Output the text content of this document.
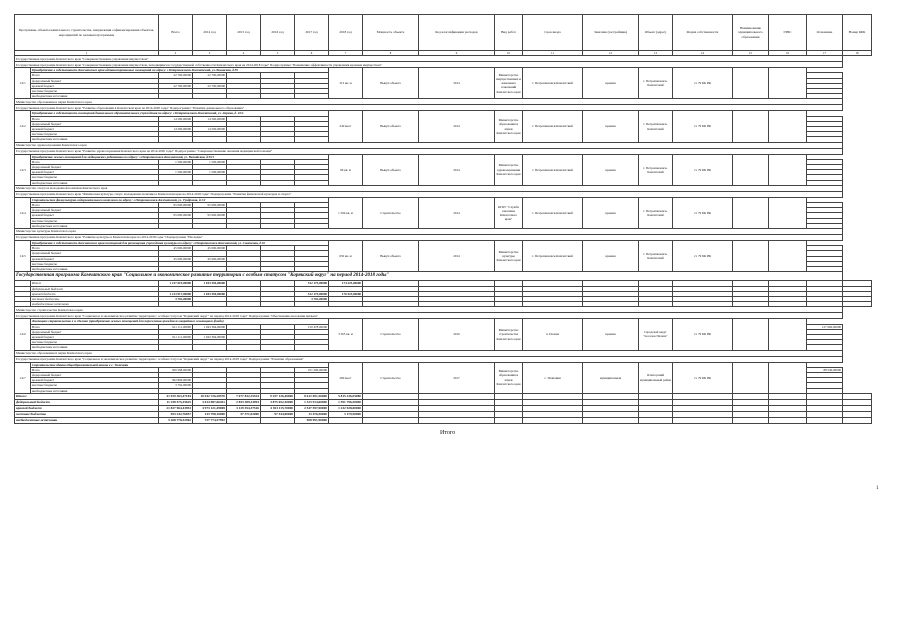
Программы, объекты капитального строительства, направления софинансирования объектов, мероприятий по целевым программам		Всего	2014 год	2015 год	2016 год	2017 год	2018 год	Мощность объекта	Код классификации расходов	Вид работ	Срок ввода	Заказчик (застройщик)	Объект (адрес)	Форма собственности	Наименование муниципального образования	ГРБС	Основание	Номер КБК
1		2	3	4	5	6	7	8	9	10	11	12	13	14	15	16	17	18
Государственная программа Камчатского края "Совершенствование управления имуществом"																		
Государственная программа Камчатского края "Совершенствование управления имуществом, находящимся в государственной собственности Камчатского края на 2014-2018 годы" Подпрограмма "Повышение эффективности управления краевым имуществом"																		
1.9.1	Приобретение в собственность Камчатского края административных помещений по адресу: г.Петропавловск-Камчатский, ул.Ленинская, д.59						312 кв. м	Выкуп объекта	2014	Министерство имущественных и земельных отношений Камчатского края	г. Петропавловск-Камчатский	краевая	г. Петропавловск-Камчатский	ст. 79 БК РФ				
	Всего	22 700,00000	22 700,00000															
	федеральный бюджет																	
	краевой бюджет	22 700,00000	22 700,00000															
	местные бюджеты																	
	внебюджетные источники																	
Министерство образования и науки Камчатского края																		
Государственная программа Камчатского края "Развитие образования в Камчатском крае на 2014-2020 годы" Подпрограмма "Развитие дошкольного образования"																		
1.9.2	Приобретение в собственность помещений дошкольного образовательного учреждения по адресу: г.Петропавловск-Камчатский, ул. Ларина, д. 22/4						240 мест	Выкуп объекта	2014	Министерство образования и науки Камчатского края	г. Петропавловск-Камчатский	краевая	г. Петропавловск-Камчатский	ст. 79 БК РФ				
	Всего	14 500,00000	14 500,00000															
	федеральный бюджет																	
	краевой бюджет	14 500,00000	14 500,00000															
	местные бюджеты																	
	внебюджетные источники																	
Министерство здравоохранения Камчатского края																		
Государственная программа Камчатского края "Развитие здравоохранения Камчатского края на 2014-2020 годы" Подпрограмма "Совершенствование оказания медицинской помощи"																		
1.9.3	Приобретение жилых помещений для медицинских работников по адресу: г.Петропавловск-Камчатский, ул. Вилюйская, д.53/1						96 кв. м	Выкуп объекта	2014	Министерство здравоохранения Камчатского края	г. Петропавловск-Камчатский	краевая	г. Петропавловск-Камчатский	ст. 79 БК РФ				
	Всего	1 500,00000	1 500,00000															
	федеральный бюджет																	
	краевой бюджет	1 500,00000	1 500,00000															
	местные бюджеты																	
	внебюджетные источники																	
Министерство спорта и молодежной политики Камчатского края																		
Государственная программа Камчатского края "Физическая культура, спорт, молодежная политика в Камчатском крае на 2014-2018 годы" Подпрограмма "Развитие физической культуры и спорта"																		
1.9.4	Строительство физкультурно-оздоровительного комплекса по адресу: г.Петропавловск-Камчатский, ул. Тундровая, д.1/2						1 500 кв. м	Строительство	2014	КГКУ "Служба заказчика Камчатского края"	г. Петропавловск-Камчатский	краевая	г. Петропавловск-Камчатский	ст. 79 БК РФ				
	Всего	95 000,00000	95 000,00000															
	федеральный бюджет																	
	краевой бюджет	95 000,00000	95 000,00000															
	местные бюджеты																	
	внебюджетные источники																	
Министерство культуры Камчатского края																		
Государственная программа Камчатского края "Развитие культуры в Камчатском крае на 2014-2018 годы" Подпрограмма "Наследие"																		
1.9.5	Приобретение в собственность Камчатского края помещений для размещения учреждения культуры по адресу: г.Петропавловск-Камчатский, ул. Советская, д.10						650 кв. м	Выкуп объекта	2014	Министерство культуры Камчатского края	г. Петропавловск-Камчатский	краевая	г. Петропавловск-Камчатский	ст. 79 БК РФ				
	Всего	45 000,00000	45 000,00000															
	федеральный бюджет																	
	краевой бюджет	45 000,00000	45 000,00000															
	местные бюджеты																	
	внебюджетные источники																	
Государственная программа Камчатского края "Социальное и экономическое развитие территории с особым статусом "Корякский округ" на период 2014-2018 годы"																		
	Итого	1 217 619,00000	1 043 394,00000			512 175,00000	174 225,00000											
	федеральный бюджет																	
	краевой бюджет	1 213 917,00000	1 043 394,00000			512 175,00000	170 523,00000											
	местные бюджеты	3 702,00000				3 702,00000												
	внебюджетные источники																	
Министерство строительства Камчатского края																		
Государственная программа Камчатского края "Социальное и экономическое развитие территории с особым статусом "Корякский округ" на период 2014-2018 годы" Подпрограмма "Обеспечение населения жильем"																		
1.9.6	Жилищное строительство в п. Палана (приобретение жилых помещений для переселения граждан из аварийного жилищного фонда)						3 565 кв. м	Строительство	2016	Министерство строительства Камчатского края	п. Палана	краевая	Городской округ "поселок Палана"	ст. 79 БК РФ				
	Всего	911 111,00000	1 043 394,00000			150 478,00000											127 060,00000	
	федеральный бюджет																	
	краевой бюджет	911 111,00000	1 043 394,00000															
	местные бюджеты																	
	внебюджетные источники																	
Министерство образования и науки Камчатского края																		
Государственная программа Камчатского края "Социальное и экономическое развитие территории с особым статусом "Корякский округ" на период 2014-2018 годы" Подпрограмма "Развитие образования"																		
1.9.7	Строительство здания общеобразовательной школы в с. Тиличики						280 мест	Строительство	2017	Министерство образования и науки Камчатского края	с. Тиличики	муниципальная	Олюторский муниципальный район	ст. 79 БК РФ				
	Всего	306 508,00000				251 290,00000											88 540,00000	
	федеральный бюджет																	
	краевой бюджет	302 806,00000																
	местные бюджеты	3 702,00000																
	внебюджетные источники																	
Итого:		41 929 363,47184	10 942 726,28570	7 677 832,25524	9 257 126,40000	8 612 091,56000	5 815 236,05080											
федеральный бюджет		11 258 575,35625	3 614 087,66451	2 853 389,34994	3 875 652,30000	1 323 914,60000	1 591 796,50000											
краевой бюджет		21 827 964,43953	4 973 121,49069	3 129 354,37516	4 923 115,70000	2 547 597,90000	1 232 928,00000											
местные бюджеты		593 242,76057	133 798,16000	57 371,02000	97 544,00000	13 476,50000	3 179,50000											
внебюджетные источники		5 268 778,32962	727 774,57992			508 991,90000												
Итого
1
